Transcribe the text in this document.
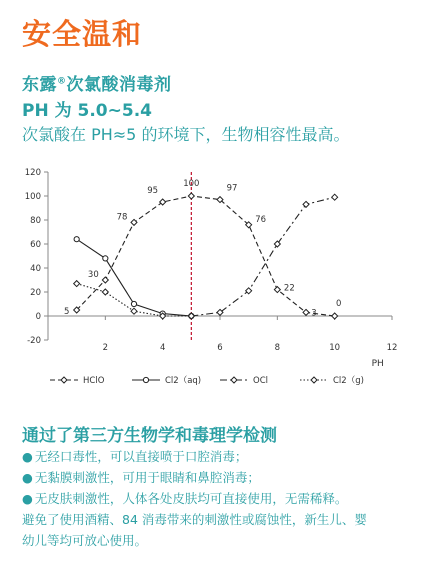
安全温和
东露®次氯酸消毒剂
PH 为 5.0~5.4
次氯酸在 PH≈5 的环境下，生物相容性最高。
-20
0
20
40
60
80
100
120
2	4	6	8	10	12
PH
5
30
78
95
100	97
76
22
3
0
HClO	Cl2（aq)	OCl	Cl2（g)
通过了第三方生物学和毒理学检测
● 无经口毒性，可以直接喷于口腔消毒；
● 无黏膜刺激性，可用于眼睛和鼻腔消毒；
● 无皮肤刺激性，人体各处皮肤均可直接使用，无需稀释。
避免了使用酒精、84 消毒带来的刺激性或腐蚀性，新生儿、婴
幼儿等均可放心使用。
